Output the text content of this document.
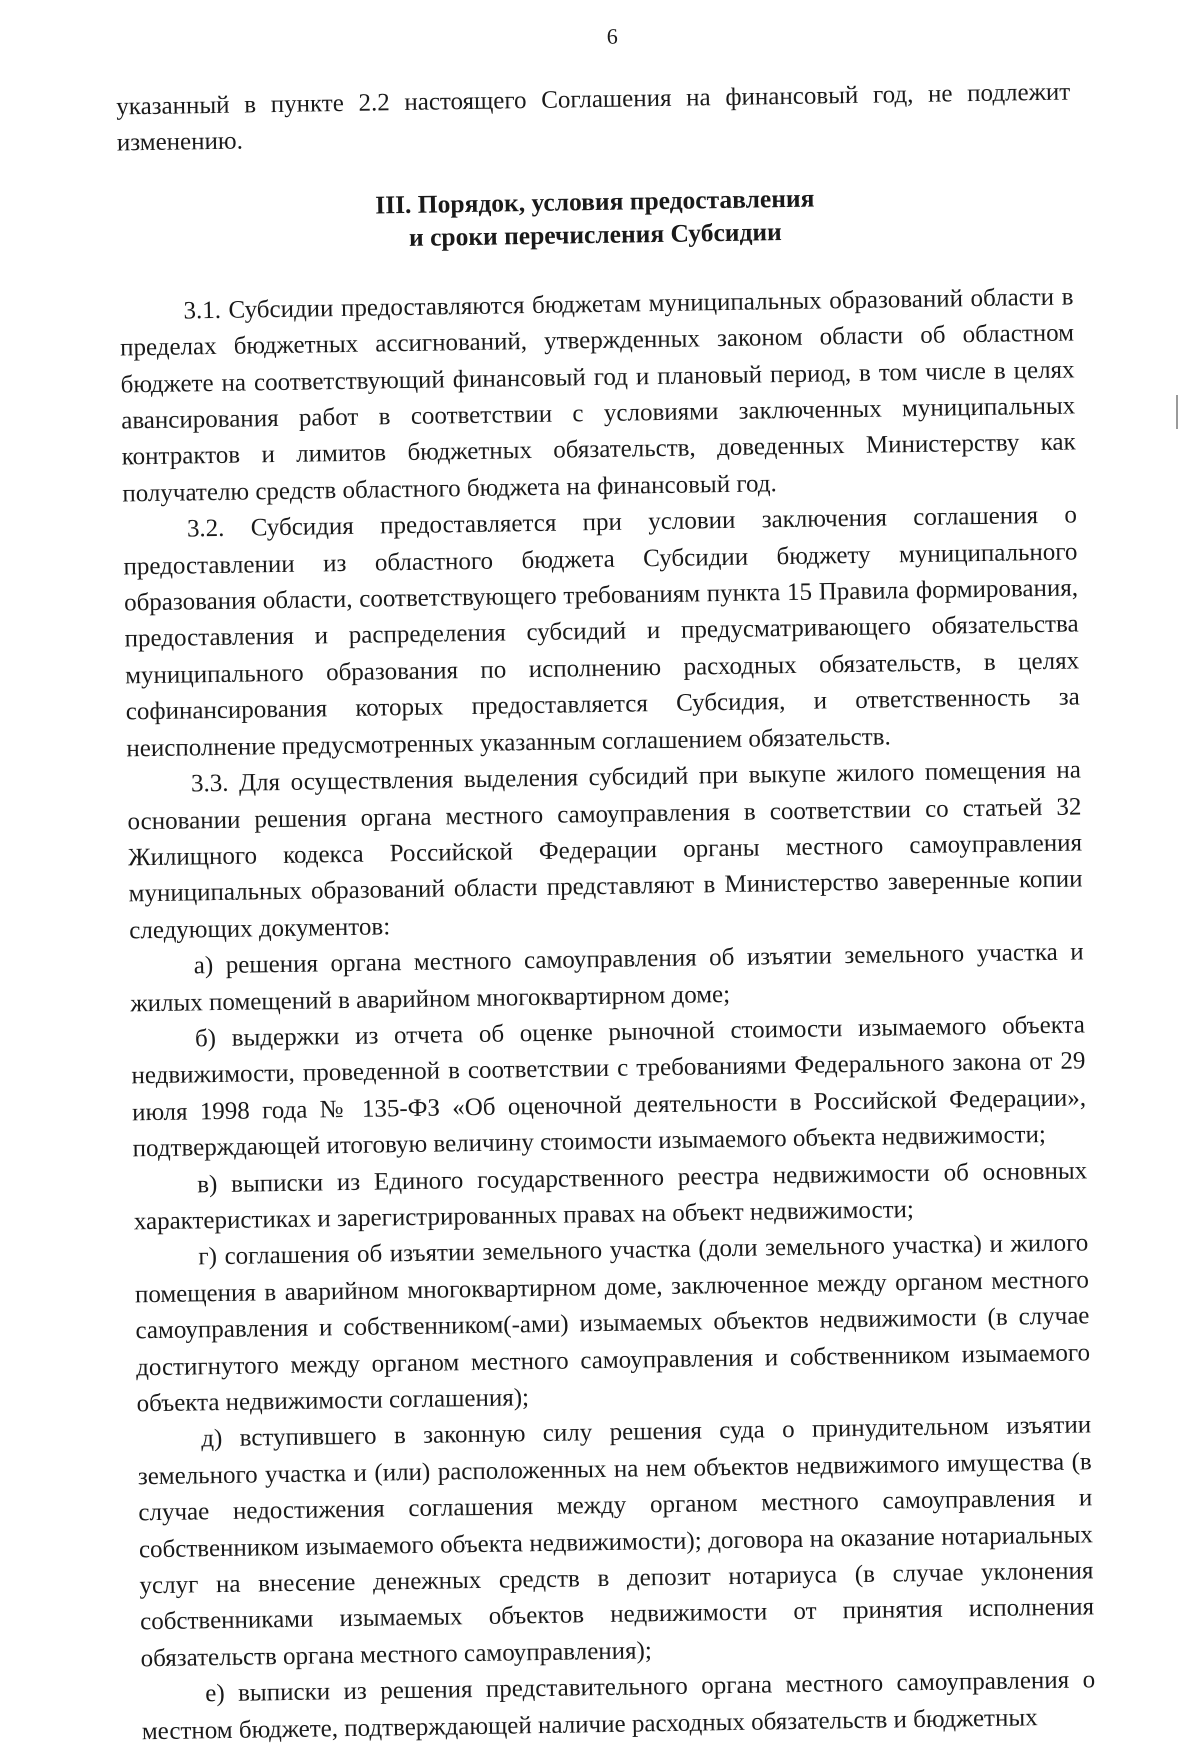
6

указанный в пункте 2.2 настоящего Соглашения на финансовый год, не подлежит изменению.

III. Порядок, условия предоставления
и сроки перечисления Субсидии

3.1. Субсидии предоставляются бюджетам муниципальных образований области в пределах бюджетных ассигнований, утвержденных законом области об областном бюджете на соответствующий финансовый год и плановый период, в том числе в целях авансирования работ в соответствии с условиями заключенных муниципальных контрактов и лимитов бюджетных обязательств, доведенных Министерству как получателю средств областного бюджета на финансовый год.

3.2. Субсидия предоставляется при условии заключения соглашения о предоставлении из областного бюджета Субсидии бюджету муниципального образования области, соответствующего требованиям пункта 15 Правила формирования, предоставления и распределения субсидий и предусматривающего обязательства муниципального образования по исполнению расходных обязательств, в целях софинансирования которых предоставляется Субсидия, и ответственность за неисполнение предусмотренных указанным соглашением обязательств.

3.3. Для осуществления выделения субсидий при выкупе жилого помещения на основании решения органа местного самоуправления в соответствии со статьей 32 Жилищного кодекса Российской Федерации органы местного самоуправления муниципальных образований области представляют в Министерство заверенные копии следующих документов:

а) решения органа местного самоуправления об изъятии земельного участка и жилых помещений в аварийном многоквартирном доме;

б) выдержки из отчета об оценке рыночной стоимости изымаемого объекта недвижимости, проведенной в соответствии с требованиями Федерального закона от 29 июля 1998 года № 135-ФЗ «Об оценочной деятельности в Российской Федерации», подтверждающей итоговую величину стоимости изымаемого объекта недвижимости;

в) выписки из Единого государственного реестра недвижимости об основных характеристиках и зарегистрированных правах на объект недвижимости;

г) соглашения об изъятии земельного участка (доли земельного участка) и жилого помещения в аварийном многоквартирном доме, заключенное между органом местного самоуправления и собственником(-ами) изымаемых объектов недвижимости (в случае достигнутого между органом местного самоуправления и собственником изымаемого объекта недвижимости соглашения);

д) вступившего в законную силу решения суда о принудительном изъятии земельного участка и (или) расположенных на нем объектов недвижимого имущества (в случае недостижения соглашения между органом местного самоуправления и собственником изымаемого объекта недвижимости); договора на оказание нотариальных услуг на внесение денежных средств в депозит нотариуса (в случае уклонения собственниками изымаемых объектов недвижимости от принятия исполнения обязательств органа местного самоуправления);

е) выписки из решения представительного органа местного самоуправления о местном бюджете, подтверждающей наличие расходных обязательств и бюджетных
